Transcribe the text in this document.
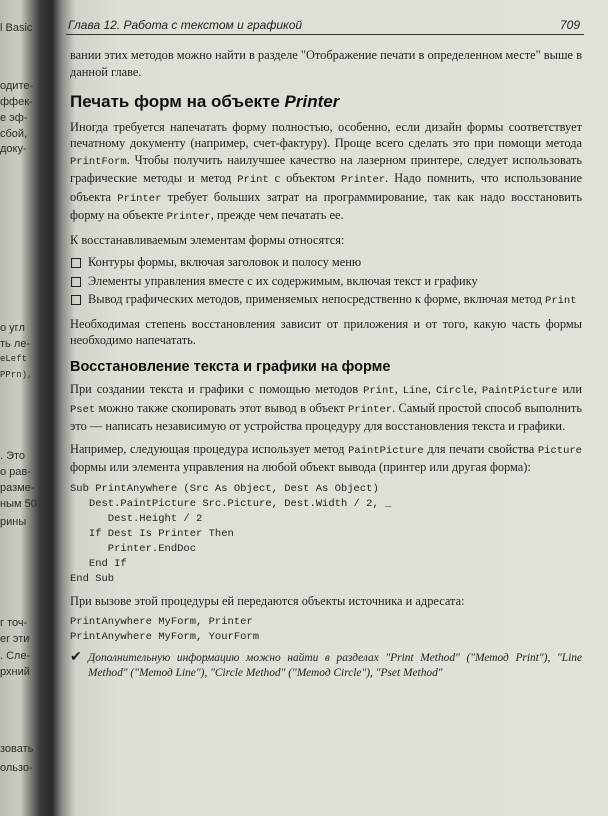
l Basic
одите-
ффек-
е эф-
сбой,
доку-
о угл
ть ле-
eLeft
PPrn),
. Это
о рав-
разме-
ным 50
рины
г точ-
er эти
. Сле-
рхний
зовать
ользо-
Глава 12. Работа с текстом и графикой	709

вании этих методов можно найти в разделе "Отображение печати в определенном месте" выше в данной главе.

Печать форм на объекте Printer

Иногда требуется напечатать форму полностью, особенно, если дизайн формы соответствует печатному документу (например, счет-фактуру). Проще всего сделать это при помощи метода PrintForm. Чтобы получить наилучшее качество на лазерном принтере, следует использовать графические методы и метод Print с объектом Printer. Надо помнить, что использование объекта Printer требует больших затрат на программирование, так как надо восстановить форму на объекте Printer, прежде чем печатать ее.

К восстанавливаемым элементам формы относятся:

Контуры формы, включая заголовок и полосу меню
Элементы управления вместе с их содержимым, включая текст и графику
Вывод графических методов, применяемых непосредственно к форме, включая метод Print

Необходимая степень восстановления зависит от приложения и от того, какую часть формы необходимо напечатать.

Восстановление текста и графики на форме

При создании текста и графики с помощью методов Print, Line, Circle, PaintPicture или Pset можно также скопировать этот вывод в объект Printer. Самый простой способ выполнить это — написать независимую от устройства процедуру для восстановления текста и графики.

Например, следующая процедура использует метод PaintPicture для печати свойства Picture формы или элемента управления на любой объект вывода (принтер или другая форма):

Sub PrintAnywhere (Src As Object, Dest As Object)
Dest.PaintPicture Src.Picture, Dest.Width / 2, _
Dest.Height / 2
If Dest Is Printer Then
Printer.EndDoc
End If
End Sub

При вызове этой процедуры ей передаются объекты источника и адресата:

PrintAnywhere MyForm, Printer
PrintAnywhere MyForm, YourForm
✔ Дополнительную информацию можно найти в разделах "Print Method" ("Метод Print"), "Line Method" ("Метод Line"), "Circle Method" ("Метод Circle"), "Pset Method"
